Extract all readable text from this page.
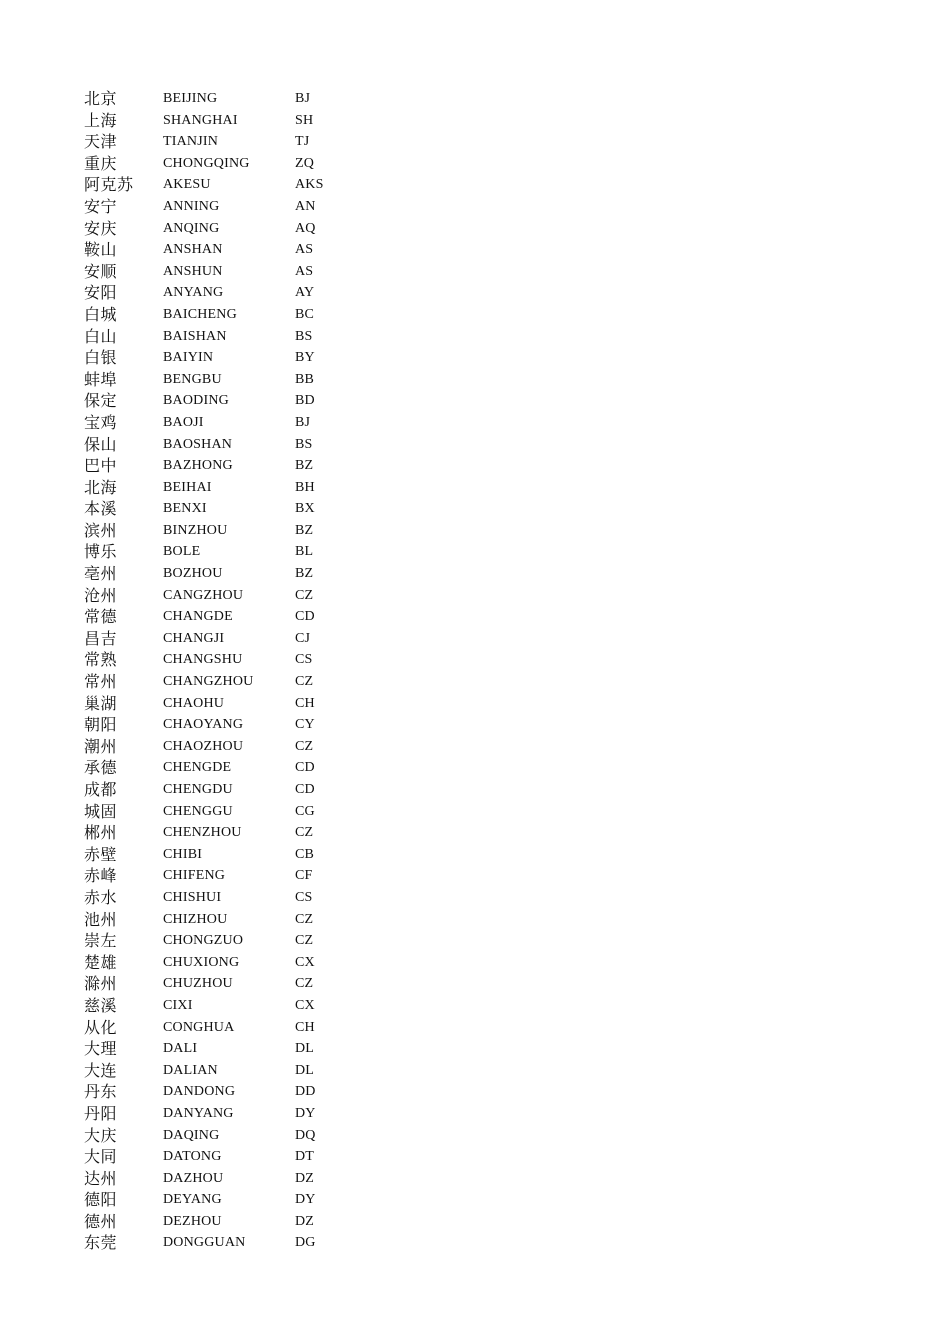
北京	BEIJING	BJ
上海	SHANGHAI	SH
天津	TIANJIN	TJ
重庆	CHONGQING	ZQ
阿克苏 AKESU	AKS
安宁	ANNING	AN
安庆	ANQING	AQ
鞍山	ANSHAN	AS
安顺	ANSHUN	AS
安阳	ANYANG	AY
白城	BAICHENG	BC
白山	BAISHAN	BS
白银	BAIYIN	BY
蚌埠	BENGBU	BB
保定	BAODING	BD
宝鸡	BAOJI	BJ
保山	BAOSHAN	BS
巴中	BAZHONG	BZ
北海	BEIHAI	BH
本溪	BENXI	BX
滨州	BINZHOU	BZ
博乐	BOLE	BL
亳州	BOZHOU	BZ
沧州	CANGZHOU	CZ
常德	CHANGDE	CD
昌吉	CHANGJI	CJ
常熟	CHANGSHU	CS
常州	CHANGZHOU	CZ
巢湖	CHAOHU	CH
朝阳	CHAOYANG	CY
潮州	CHAOZHOU	CZ
承德	CHENGDE	CD
成都	CHENGDU	CD
城固	CHENGGU	CG
郴州	CHENZHOU	CZ
赤壁	CHIBI	CB
赤峰	CHIFENG	CF
赤水	CHISHUI	CS
池州	CHIZHOU	CZ
崇左	CHONGZUO	CZ
楚雄	CHUXIONG	CX
滁州	CHUZHOU	CZ
慈溪	CIXI	CX
从化	CONGHUA	CH
大理	DALI	DL
大连	DALIAN	DL
丹东	DANDONG	DD
丹阳	DANYANG	DY
大庆	DAQING	DQ
大同	DATONG	DT
达州	DAZHOU	DZ
德阳	DEYANG	DY
德州	DEZHOU	DZ
东莞	DONGGUAN	DG
